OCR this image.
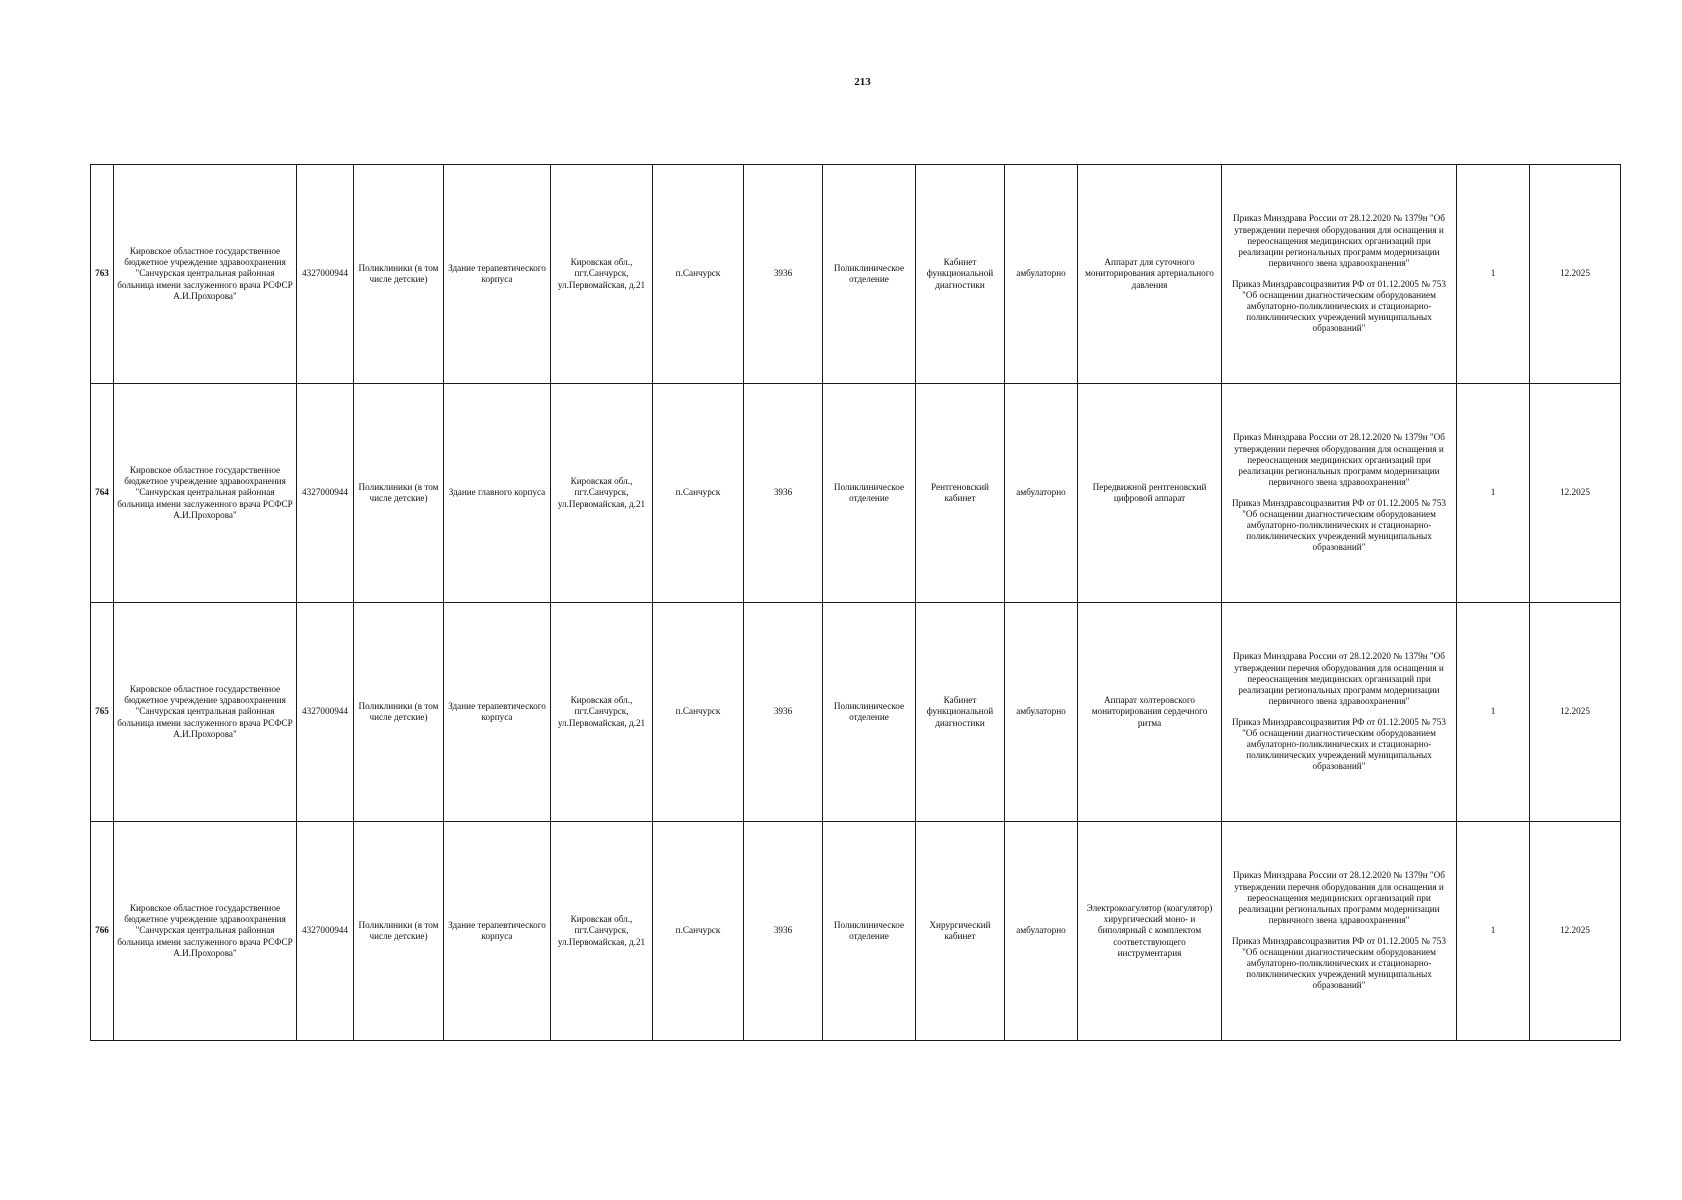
213
763	Кировское областное государственное бюджетное учреждение здравоохранения "Санчурская центральная районная больница имени заслуженного врача РСФСР А.И.Прохорова"	4327000944	Поликлиники (в том числе детские)	Здание терапевтического корпуса	Кировская обл., пгт.Санчурск, ул.Первомайская, д.21	п.Санчурск	3936	Поликлиническое отделение	Кабинет функциональной диагностики	амбулаторно	Аппарат для суточного мониторирования артериального давления	Приказ Минздрава России от 28.12.2020 № 1379н "Об утверждении перечня оборудования для оснащения и переоснащения медицинских организаций при реализации региональных программ модернизации первичного звена здравоохранения"

Приказ Минздравсоцразвития РФ от 01.12.2005 № 753 "Об оснащении диагностическим оборудованием амбулаторно-поликлинических и стационарно-поликлинических учреждений муниципальных образований"	1	12.2025
764	Кировское областное государственное бюджетное учреждение здравоохранения "Санчурская центральная районная больница имени заслуженного врача РСФСР А.И.Прохорова"	4327000944	Поликлиники (в том числе детские)	Здание главного корпуса	Кировская обл., пгт.Санчурск, ул.Первомайская, д.21	п.Санчурск	3936	Поликлиническое отделение	Рентгеновский кабинет	амбулаторно	Передвижной рентгеновский цифровой аппарат	Приказ Минздрава России от 28.12.2020 № 1379н "Об утверждении перечня оборудования для оснащения и переоснащения медицинских организаций при реализации региональных программ модернизации первичного звена здравоохранения"

Приказ Минздравсоцразвития РФ от 01.12.2005 № 753 "Об оснащении диагностическим оборудованием амбулаторно-поликлинических и стационарно-поликлинических учреждений муниципальных образований"	1	12.2025
765	Кировское областное государственное бюджетное учреждение здравоохранения "Санчурская центральная районная больница имени заслуженного врача РСФСР А.И.Прохорова"	4327000944	Поликлиники (в том числе детские)	Здание терапевтического корпуса	Кировская обл., пгт.Санчурск, ул.Первомайская, д.21	п.Санчурск	3936	Поликлиническое отделение	Кабинет функциональной диагностики	амбулаторно	Аппарат холтеровского мониторирования сердечного ритма	Приказ Минздрава России от 28.12.2020 № 1379н "Об утверждении перечня оборудования для оснащения и переоснащения медицинских организаций при реализации региональных программ модернизации первичного звена здравоохранения"

Приказ Минздравсоцразвития РФ от 01.12.2005 № 753 "Об оснащении диагностическим оборудованием амбулаторно-поликлинических и стационарно-поликлинических учреждений муниципальных образований"	1	12.2025
766	Кировское областное государственное бюджетное учреждение здравоохранения "Санчурская центральная районная больница имени заслуженного врача РСФСР А.И.Прохорова"	4327000944	Поликлиники (в том числе детские)	Здание терапевтического корпуса	Кировская обл., пгт.Санчурск, ул.Первомайская, д.21	п.Санчурск	3936	Поликлиническое отделение	Хирургический кабинет	амбулаторно	Электрокоагулятор (коагулятор) хирургический моно- и биполярный с комплектом соответствующего инструментария	Приказ Минздрава России от 28.12.2020 № 1379н "Об утверждении перечня оборудования для оснащения и переоснащения медицинских организаций при реализации региональных программ модернизации первичного звена здравоохранения"

Приказ Минздравсоцразвития РФ от 01.12.2005 № 753 "Об оснащении диагностическим оборудованием амбулаторно-поликлинических и стационарно-поликлинических учреждений муниципальных образований"	1	12.2025
